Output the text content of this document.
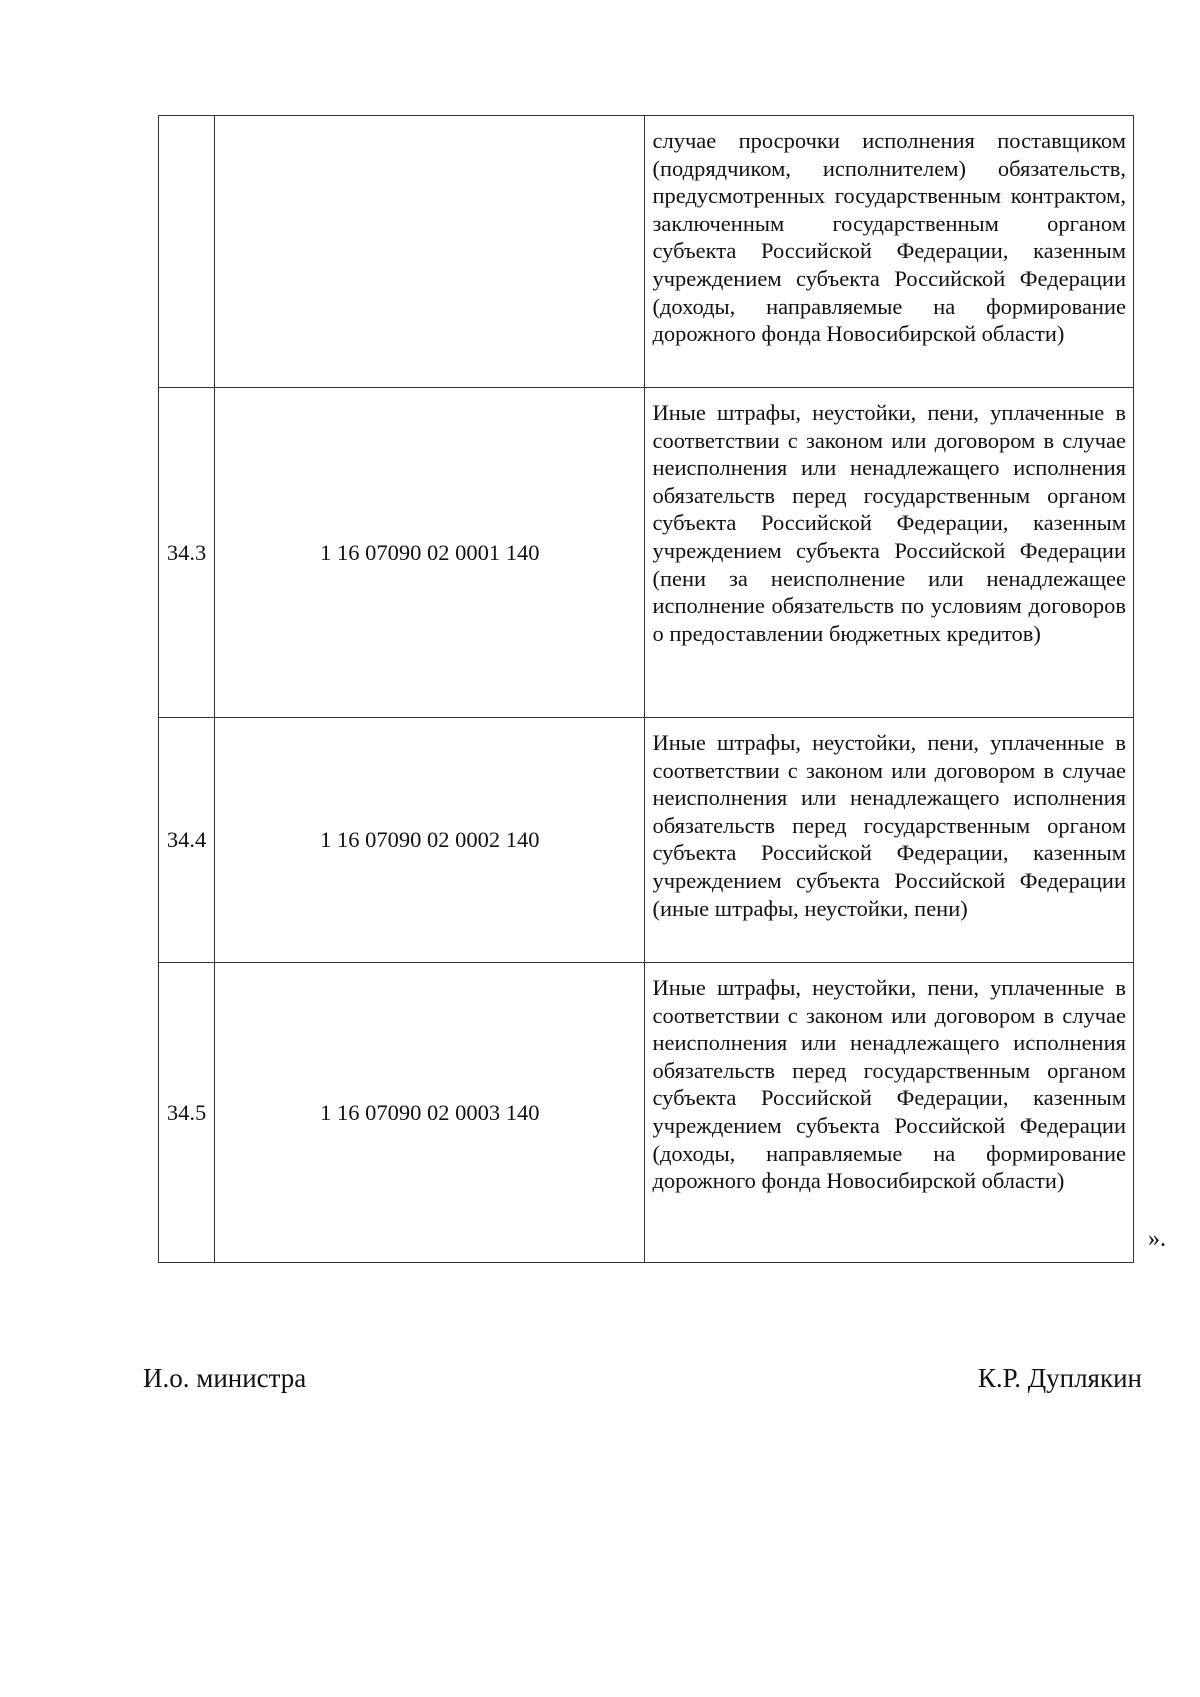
		случае просрочки исполнения поставщиком (подрядчиком, исполнителем) обязательств, предусмотренных государственным контрактом, заключенным государственным органом субъекта Российской Федерации, казенным учреждением субъекта Российской Федерации (доходы, направляемые на формирование дорожного фонда Новосибирской области)
34.3	1 16 07090 02 0001 140	Иные штрафы, неустойки, пени, уплаченные в соответствии с законом или договором в случае неисполнения или ненадлежащего исполнения обязательств перед государственным органом субъекта Российской Федерации, казенным учреждением субъекта Российской Федерации (пени за неисполнение или ненадлежащее исполнение обязательств по условиям договоров о предоставлении бюджетных кредитов)
34.4	1 16 07090 02 0002 140	Иные штрафы, неустойки, пени, уплаченные в соответствии с законом или договором в случае неисполнения или ненадлежащего исполнения обязательств перед государственным органом субъекта Российской Федерации, казенным учреждением субъекта Российской Федерации (иные штрафы, неустойки, пени)
34.5	1 16 07090 02 0003 140	Иные штрафы, неустойки, пени, уплаченные в соответствии с законом или договором в случае неисполнения или ненадлежащего исполнения обязательств перед государственным органом субъекта Российской Федерации, казенным учреждением субъекта Российской Федерации (доходы, направляемые на формирование дорожного фонда Новосибирской области)
».
И.о. министра	К.Р. Дуплякин
